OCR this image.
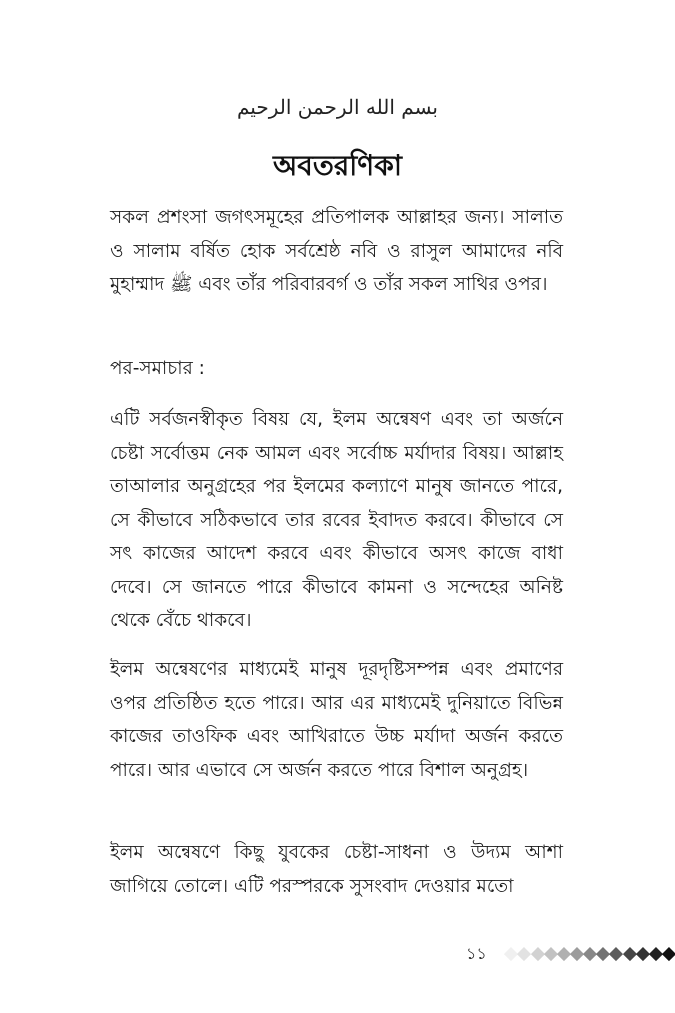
بسم الله الرحمن الرحيم
অবতরণিকা
সকল প্রশংসা জগৎসমূহের প্রতিপালক আল্লাহর জন্য। সালাত ও সালাম বর্ষিত হোক সর্বশ্রেষ্ঠ নবি ও রাসুল আমাদের নবি মুহাম্মাদ ﷺ এবং তাঁর পরিবারবর্গ ও তাঁর সকল সাথির ওপর।
পর-সমাচার :
এটি সর্বজনস্বীকৃত বিষয় যে, ইলম অন্বেষণ এবং তা অর্জনে চেষ্টা সর্বোত্তম নেক আমল এবং সর্বোচ্চ মর্যাদার বিষয়। আল্লাহ তাআলার অনুগ্রহের পর ইলমের কল্যাণে মানুষ জানতে পারে, সে কীভাবে সঠিকভাবে তার রবের ইবাদত করবে। কীভাবে সে সৎ কাজের আদেশ করবে এবং কীভাবে অসৎ কাজে বাধা দেবে। সে জানতে পারে কীভাবে কামনা ও সন্দেহের অনিষ্ট থেকে বেঁচে থাকবে।
ইলম অন্বেষণের মাধ্যমেই মানুষ দূরদৃষ্টিসম্পন্ন এবং প্রমাণের ওপর প্রতিষ্ঠিত হতে পারে। আর এর মাধ্যমেই দুনিয়াতে বিভিন্ন কাজের তাওফিক এবং আখিরাতে উচ্চ মর্যাদা অর্জন করতে পারে। আর এভাবে সে অর্জন করতে পারে বিশাল অনুগ্রহ।
ইলম অন্বেষণে কিছু যুবকের চেষ্টা-সাধনা ও উদ্যম আশা জাগিয়ে তোলে। এটি পরস্পরকে সুসংবাদ দেওয়ার মতো
১১
